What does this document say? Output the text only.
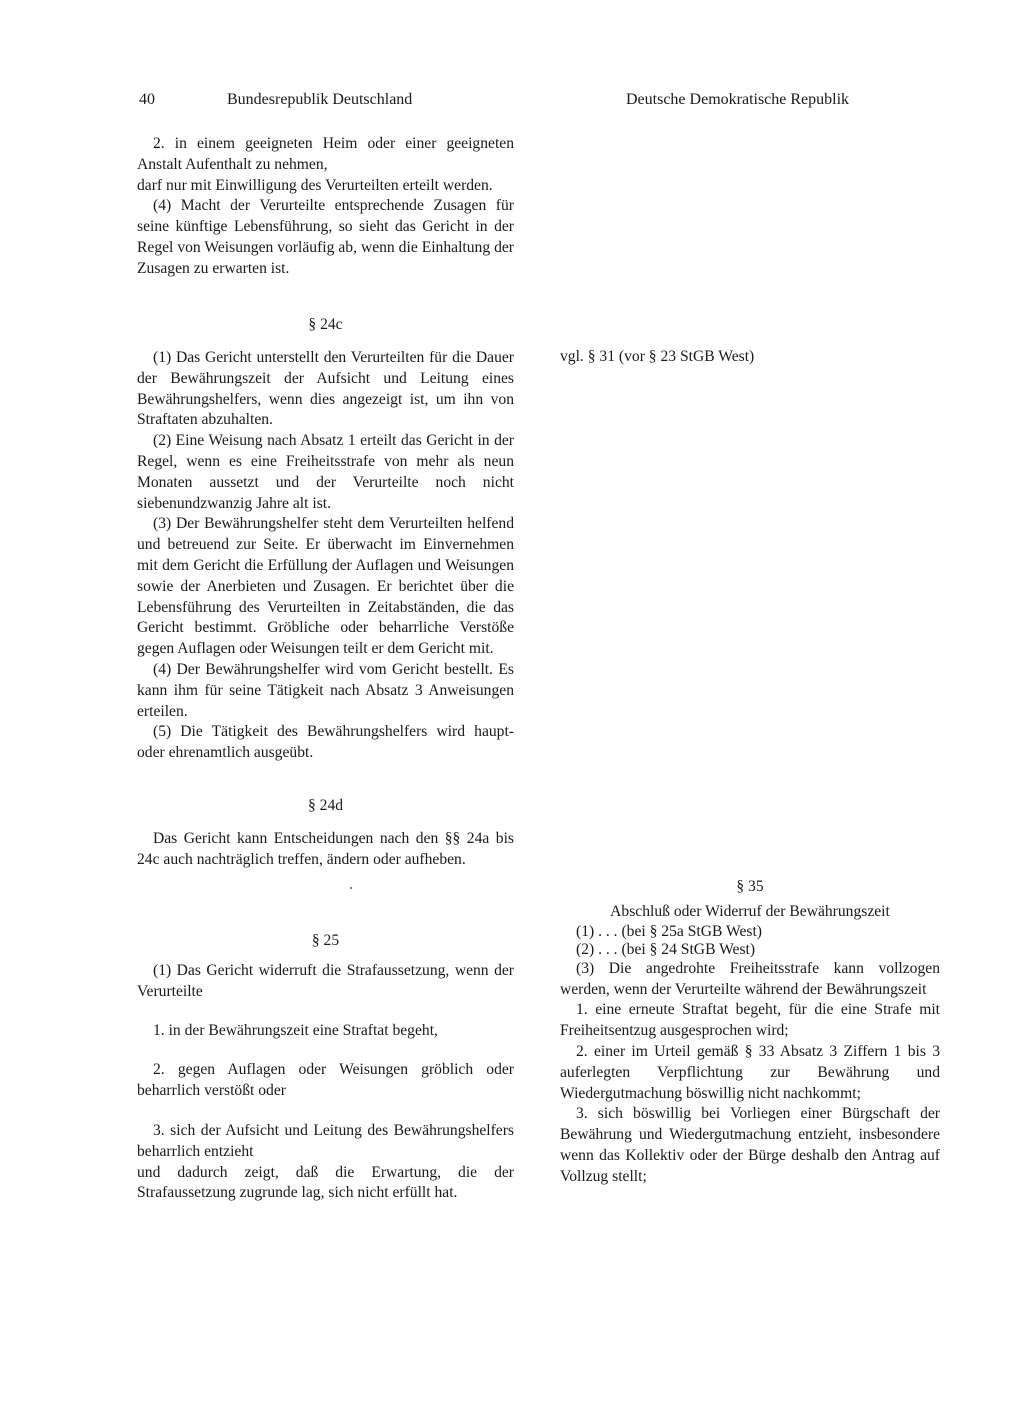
40	Bundesrepublik Deutschland	Deutsche Demokratische Republik

2. in einem geeigneten Heim oder einer geeigneten Anstalt Aufenthalt zu nehmen,

darf nur mit Einwilligung des Verurteilten erteilt werden.

(4) Macht der Verurteilte entsprechende Zusagen für seine künftige Lebensführung, so sieht das Gericht in der Regel von Weisungen vorläufig ab, wenn die Einhaltung der Zusagen zu erwarten ist.

§ 24c

(1) Das Gericht unterstellt den Verurteilten für die Dauer der Bewährungszeit der Aufsicht und Leitung eines Bewährungshelfers, wenn dies angezeigt ist, um ihn von Straftaten abzuhalten.

(2) Eine Weisung nach Absatz 1 erteilt das Gericht in der Regel, wenn es eine Freiheitsstrafe von mehr als neun Monaten aussetzt und der Verurteilte noch nicht siebenundzwanzig Jahre alt ist.

(3) Der Bewährungshelfer steht dem Verurteilten helfend und betreuend zur Seite. Er überwacht im Einvernehmen mit dem Gericht die Erfüllung der Auflagen und Weisungen sowie der Anerbieten und Zusagen. Er berichtet über die Lebensführung des Verurteilten in Zeitabständen, die das Gericht bestimmt. Gröbliche oder beharrliche Verstöße gegen Auflagen oder Weisungen teilt er dem Gericht mit.

(4) Der Bewährungshelfer wird vom Gericht bestellt. Es kann ihm für seine Tätigkeit nach Absatz 3 Anweisungen erteilen.

(5) Die Tätigkeit des Bewährungshelfers wird haupt- oder ehrenamtlich ausgeübt.

§ 24d

Das Gericht kann Entscheidungen nach den §§ 24a bis 24c auch nachträglich treffen, ändern oder aufheben.

§ 25

(1) Das Gericht widerruft die Strafaussetzung, wenn der Verurteilte

1. in der Bewährungszeit eine Straftat begeht,

2. gegen Auflagen oder Weisungen gröblich oder beharrlich verstößt oder

3. sich der Aufsicht und Leitung des Bewährungshelfers beharrlich entzieht

und dadurch zeigt, daß die Erwartung, die der Strafaussetzung zugrunde lag, sich nicht erfüllt hat.

vgl. § 31 (vor § 23 StGB West)

§ 35

Abschluß oder Widerruf der Bewährungszeit

(1) . . . (bei § 25a StGB West)

(2) . . . (bei § 24 StGB West)

(3) Die angedrohte Freiheitsstrafe kann vollzogen werden, wenn der Verurteilte während der Bewährungszeit

1. eine erneute Straftat begeht, für die eine Strafe mit Freiheitsentzug ausgesprochen wird;

2. einer im Urteil gemäß § 33 Absatz 3 Ziffern 1 bis 3 auferlegten Verpflichtung zur Bewährung und Wiedergutmachung böswillig nicht nachkommt;

3. sich böswillig bei Vorliegen einer Bürgschaft der Bewährung und Wiedergutmachung entzieht, insbesondere wenn das Kollektiv oder der Bürge deshalb den Antrag auf Vollzug stellt;
